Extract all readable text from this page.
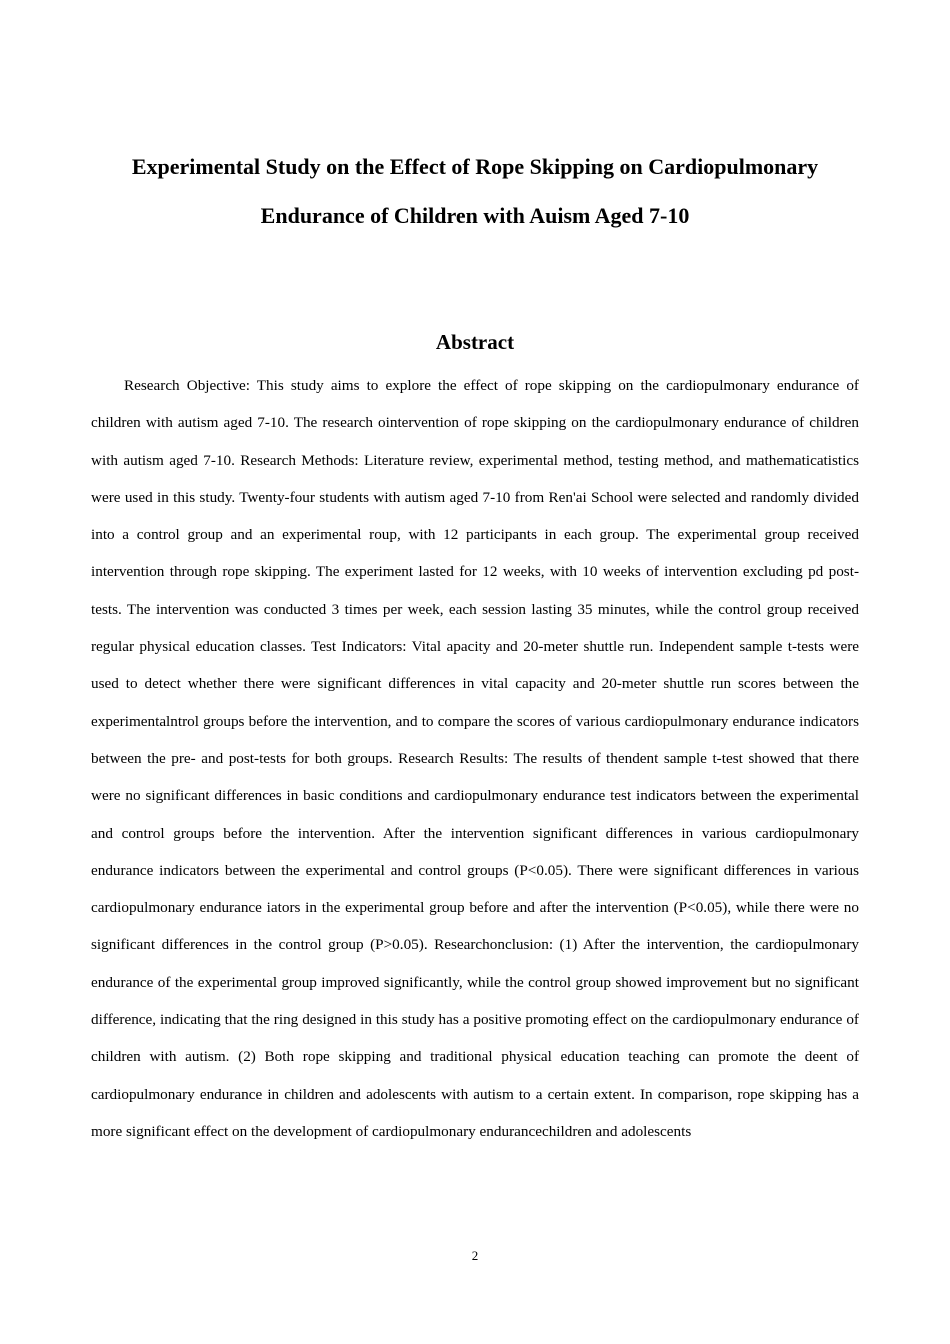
Experimental Study on the Effect of Rope Skipping on Cardiopulmonary
Endurance of Children with Auism Aged 7-10
Abstract

Research Objective: This study aims to explore the effect of rope skipping on the cardiopulmonary endurance of children with autism aged 7-10. The research ointervention of rope skipping on the cardiopulmonary endurance of children with autism aged 7-10. Research Methods: Literature review, experimental method, testing method, and mathematicatistics were used in this study. Twenty-four students with autism aged 7-10 from Ren'ai School were selected and randomly divided into a control group and an experimental roup, with 12 participants in each group. The experimental group received intervention through rope skipping. The experiment lasted for 12 weeks, with 10 weeks of intervention excluding pd post-tests. The intervention was conducted 3 times per week, each session lasting 35 minutes, while the control group received regular physical education classes. Test Indicators: Vital apacity and 20-meter shuttle run. Independent sample t-tests were used to detect whether there were significant differences in vital capacity and 20-meter shuttle run scores between the experimentalntrol groups before the intervention, and to compare the scores of various cardiopulmonary endurance indicators between the pre- and post-tests for both groups. Research Results: The results of thendent sample t-test showed that there were no significant differences in basic conditions and cardiopulmonary endurance test indicators between the experimental and control groups before the intervention. After the intervention significant differences in various cardiopulmonary endurance indicators between the experimental and control groups (P<0.05). There were significant differences in various cardiopulmonary endurance iators in the experimental group before and after the intervention (P<0.05), while there were no significant differences in the control group (P>0.05). Researchonclusion: (1) After the intervention, the cardiopulmonary endurance of the experimental group improved significantly, while the control group showed improvement but no significant difference, indicating that the ring designed in this study has a positive promoting effect on the cardiopulmonary endurance of children with autism. (2) Both rope skipping and traditional physical education teaching can promote the deent of cardiopulmonary endurance in children and adolescents with autism to a certain extent. In comparison, rope skipping has a more significant effect on the development of cardiopulmonary endurancechildren and adolescents

2
